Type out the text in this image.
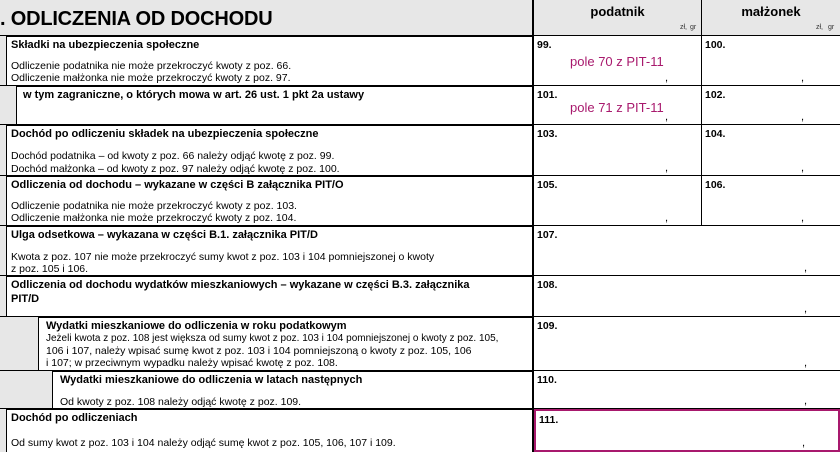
. ODLICZENIA OD DOCHODU	podatnik
zł, gr
małżonek
zł, gr
Składki na ubezpieczenia społeczne
Odliczenie podatnika nie może przekroczyć kwoty z poz. 66.
Odliczenie małżonka nie może przekroczyć kwoty z poz. 97.
99.
pole 70 z PIT-11
,
100.
,
w tym zagraniczne, o których mowa w art. 26 ust. 1 pkt 2a ustawy	101.
pole 71 z PIT-11
,
102.
,
Dochód po odliczeniu składek na ubezpieczenia społeczne
Dochód podatnika – od kwoty z poz. 66 należy odjąć kwotę z poz. 99.
Dochód małżonka – od kwoty z poz. 97 należy odjąć kwotę z poz. 100.
103.
,
104.
,
Odliczenia od dochodu – wykazane w części B załącznika PIT/O
Odliczenie podatnika nie może przekroczyć kwoty z poz. 103.
Odliczenie małżonka nie może przekroczyć kwoty z poz. 104.
105.
,
106.
,
Ulga odsetkowa – wykazana w części B.1. załącznika PIT/D
Kwota z poz. 107 nie może przekroczyć sumy kwot z poz. 103 i 104 pomniejszonej o kwoty
z poz. 105 i 106.
107.
,
Odliczenia od dochodu wydatków mieszkaniowych – wykazane w części B.3. załącznika
PIT/D
108.
,
Wydatki mieszkaniowe do odliczenia w roku podatkowym
Jeżeli kwota z poz. 108 jest większa od sumy kwot z poz. 103 i 104 pomniejszonej o kwoty z poz. 105,
106 i 107, należy wpisać sumę kwot z poz. 103 i 104 pomniejszoną o kwoty z poz. 105, 106
i 107; w przeciwnym wypadku należy wpisać kwotę z poz. 108.
109.
,
Wydatki mieszkaniowe do odliczenia w latach następnych
Od kwoty z poz. 108 należy odjąć kwotę z poz. 109.
110.
,
Dochód po odliczeniach
Od sumy kwot z poz. 103 i 104 należy odjąć sumę kwot z poz. 105, 106, 107 i 109.
111.
,
